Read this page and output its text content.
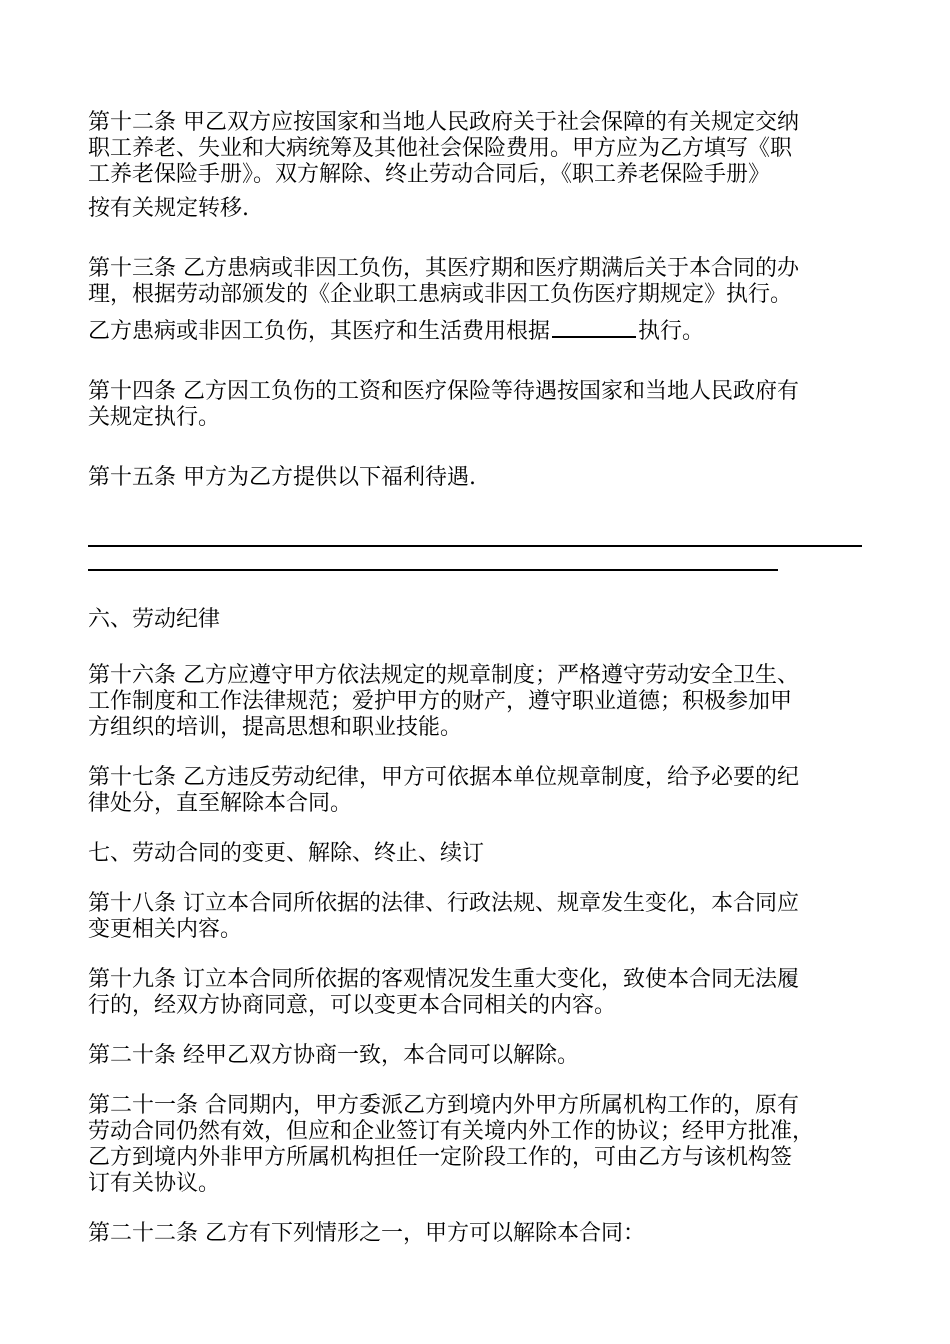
第十二条 甲乙双方应按国家和当地人民政府关于社会保障的有关规定交纳
职工养老、失业和大病统筹及其他社会保险费用。甲方应为乙方填写《职
工养老保险手册》。双方解除、终止劳动合同后，《职工养老保险手册》
按有关规定转移.
第十三条 乙方患病或非因工负伤，其医疗期和医疗期满后关于本合同的办
理，根据劳动部颁发的《企业职工患病或非因工负伤医疗期规定》执行。
乙方患病或非因工负伤，其医疗和生活费用根据	执行。
第十四条 乙方因工负伤的工资和医疗保险等待遇按国家和当地人民政府有
关规定执行。
第十五条 甲方为乙方提供以下福利待遇.
六、劳动纪律
第十六条 乙方应遵守甲方依法规定的规章制度；严格遵守劳动安全卫生、
工作制度和工作法律规范；爱护甲方的财产，遵守职业道德；积极参加甲
方组织的培训，提高思想和职业技能。
第十七条 乙方违反劳动纪律，甲方可依据本单位规章制度，给予必要的纪
律处分，直至解除本合同。
七、劳动合同的变更、解除、终止、续订
第十八条 订立本合同所依据的法律、行政法规、规章发生变化，本合同应
变更相关内容。
第十九条 订立本合同所依据的客观情况发生重大变化，致使本合同无法履
行的，经双方协商同意，可以变更本合同相关的内容。
第二十条 经甲乙双方协商一致，本合同可以解除。
第二十一条 合同期内，甲方委派乙方到境内外甲方所属机构工作的，原有
劳动合同仍然有效，但应和企业签订有关境内外工作的协议；经甲方批准，
乙方到境内外非甲方所属机构担任一定阶段工作的，可由乙方与该机构签
订有关协议。
第二十二条 乙方有下列情形之一，甲方可以解除本合同：
